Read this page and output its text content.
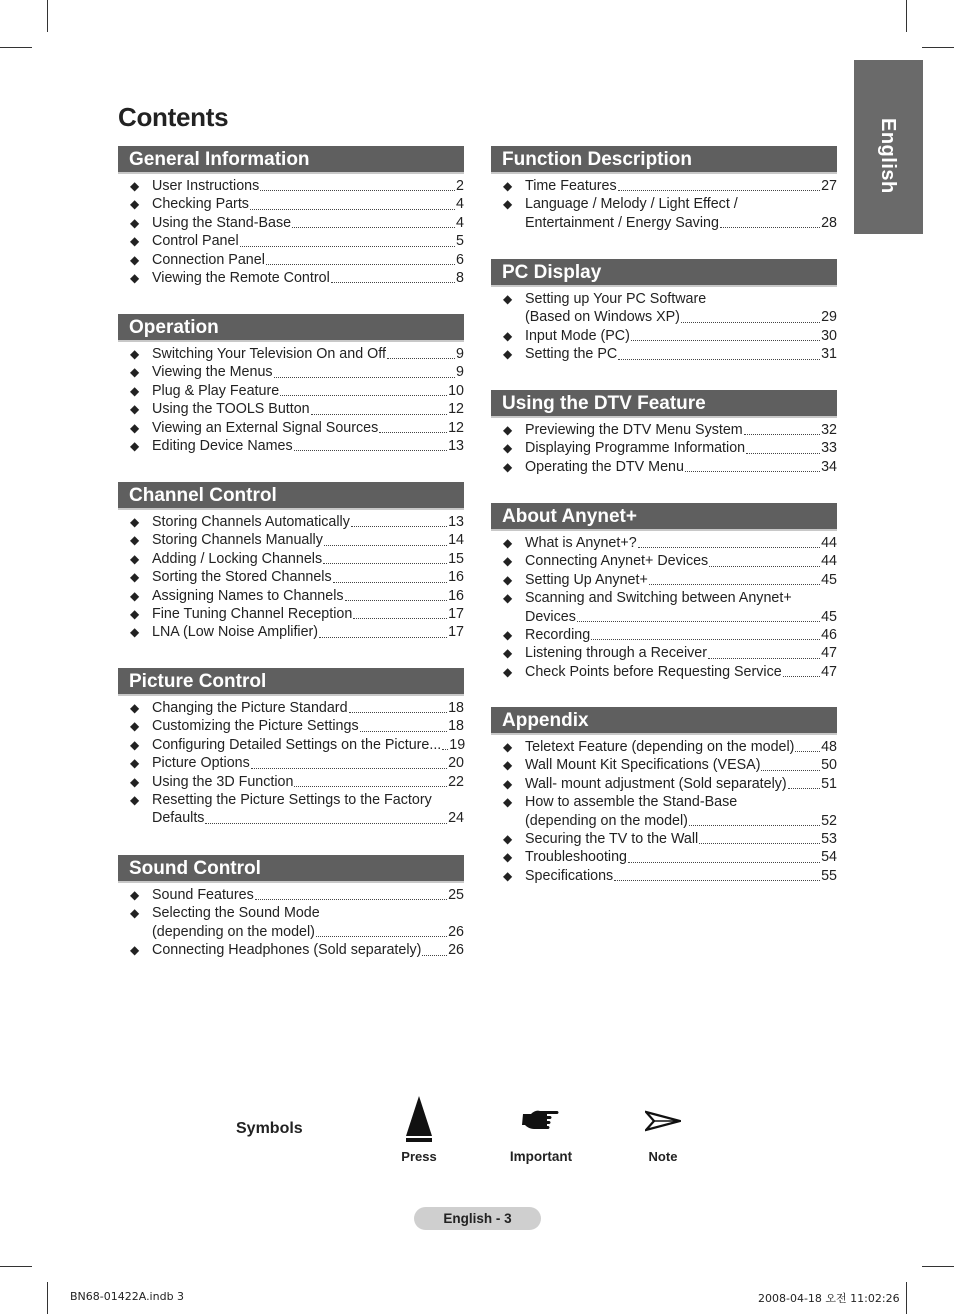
English
Contents
General Information
◆ User Instructions	2
◆ Checking Parts	4
◆ Using the Stand-Base	4
◆ Control Panel	5
◆ Connection Panel	6
◆ Viewing the Remote Control	8
Operation
◆ Switching Your Television On and Off	9
◆ Viewing the Menus	9
◆ Plug & Play Feature	10
◆ Using the TOOLS Button	12
◆ Viewing an External Signal Sources	12
◆ Editing Device Names	13
Channel Control
◆ Storing Channels Automatically	13
◆ Storing Channels Manually	14
◆ Adding / Locking Channels	15
◆ Sorting the Stored Channels	16
◆ Assigning Names to Channels	16
◆ Fine Tuning Channel Reception	17
◆ LNA (Low Noise Amplifier)	17
Picture Control
◆ Changing the Picture Standard	18
◆ Customizing the Picture Settings	18
◆ Configuring Detailed Settings on the Picture... 19
◆ Picture Options	20
◆ Using the 3D Function	22
◆ Resetting the Picture Settings to the Factory
Defaults	24
Sound Control
◆ Sound Features	25
◆ Selecting the Sound Mode
(depending on the model)	26
◆ Connecting Headphones (Sold separately) 26
Function Description
◆ Time Features	27
◆ Language / Melody / Light Effect /
Entertainment / Energy Saving	28
PC Display
◆ Setting up Your PC Software
(Based on Windows XP)	29
◆ Input Mode (PC)	30
◆ Setting the PC	31
Using the DTV Feature
◆ Previewing the DTV Menu System	32
◆ Displaying Programme Information	33
◆ Operating the DTV Menu	34
About Anynet+
◆ What is Anynet+?	44
◆ Connecting Anynet+ Devices	44
◆ Setting Up Anynet+	45
◆ Scanning and Switching between Anynet+
Devices	45
◆ Recording	46
◆ Listening through a Receiver	47
◆ Check Points before Requesting Service	47
Appendix
◆ Teletext Feature (depending on the model) 48
◆ Wall Mount Kit Specifications (VESA)	50
◆ Wall- mount adjustment (Sold separately) 51
◆ How to assemble the Stand-Base
(depending on the model)	52
◆ Securing the TV to the Wall	53
◆ Troubleshooting	54
◆ Specifications	55
Symbols
Press	Important	Note
English - 3
BN68-01422A.indb 3	2008-04-18 오전 11:02:26
